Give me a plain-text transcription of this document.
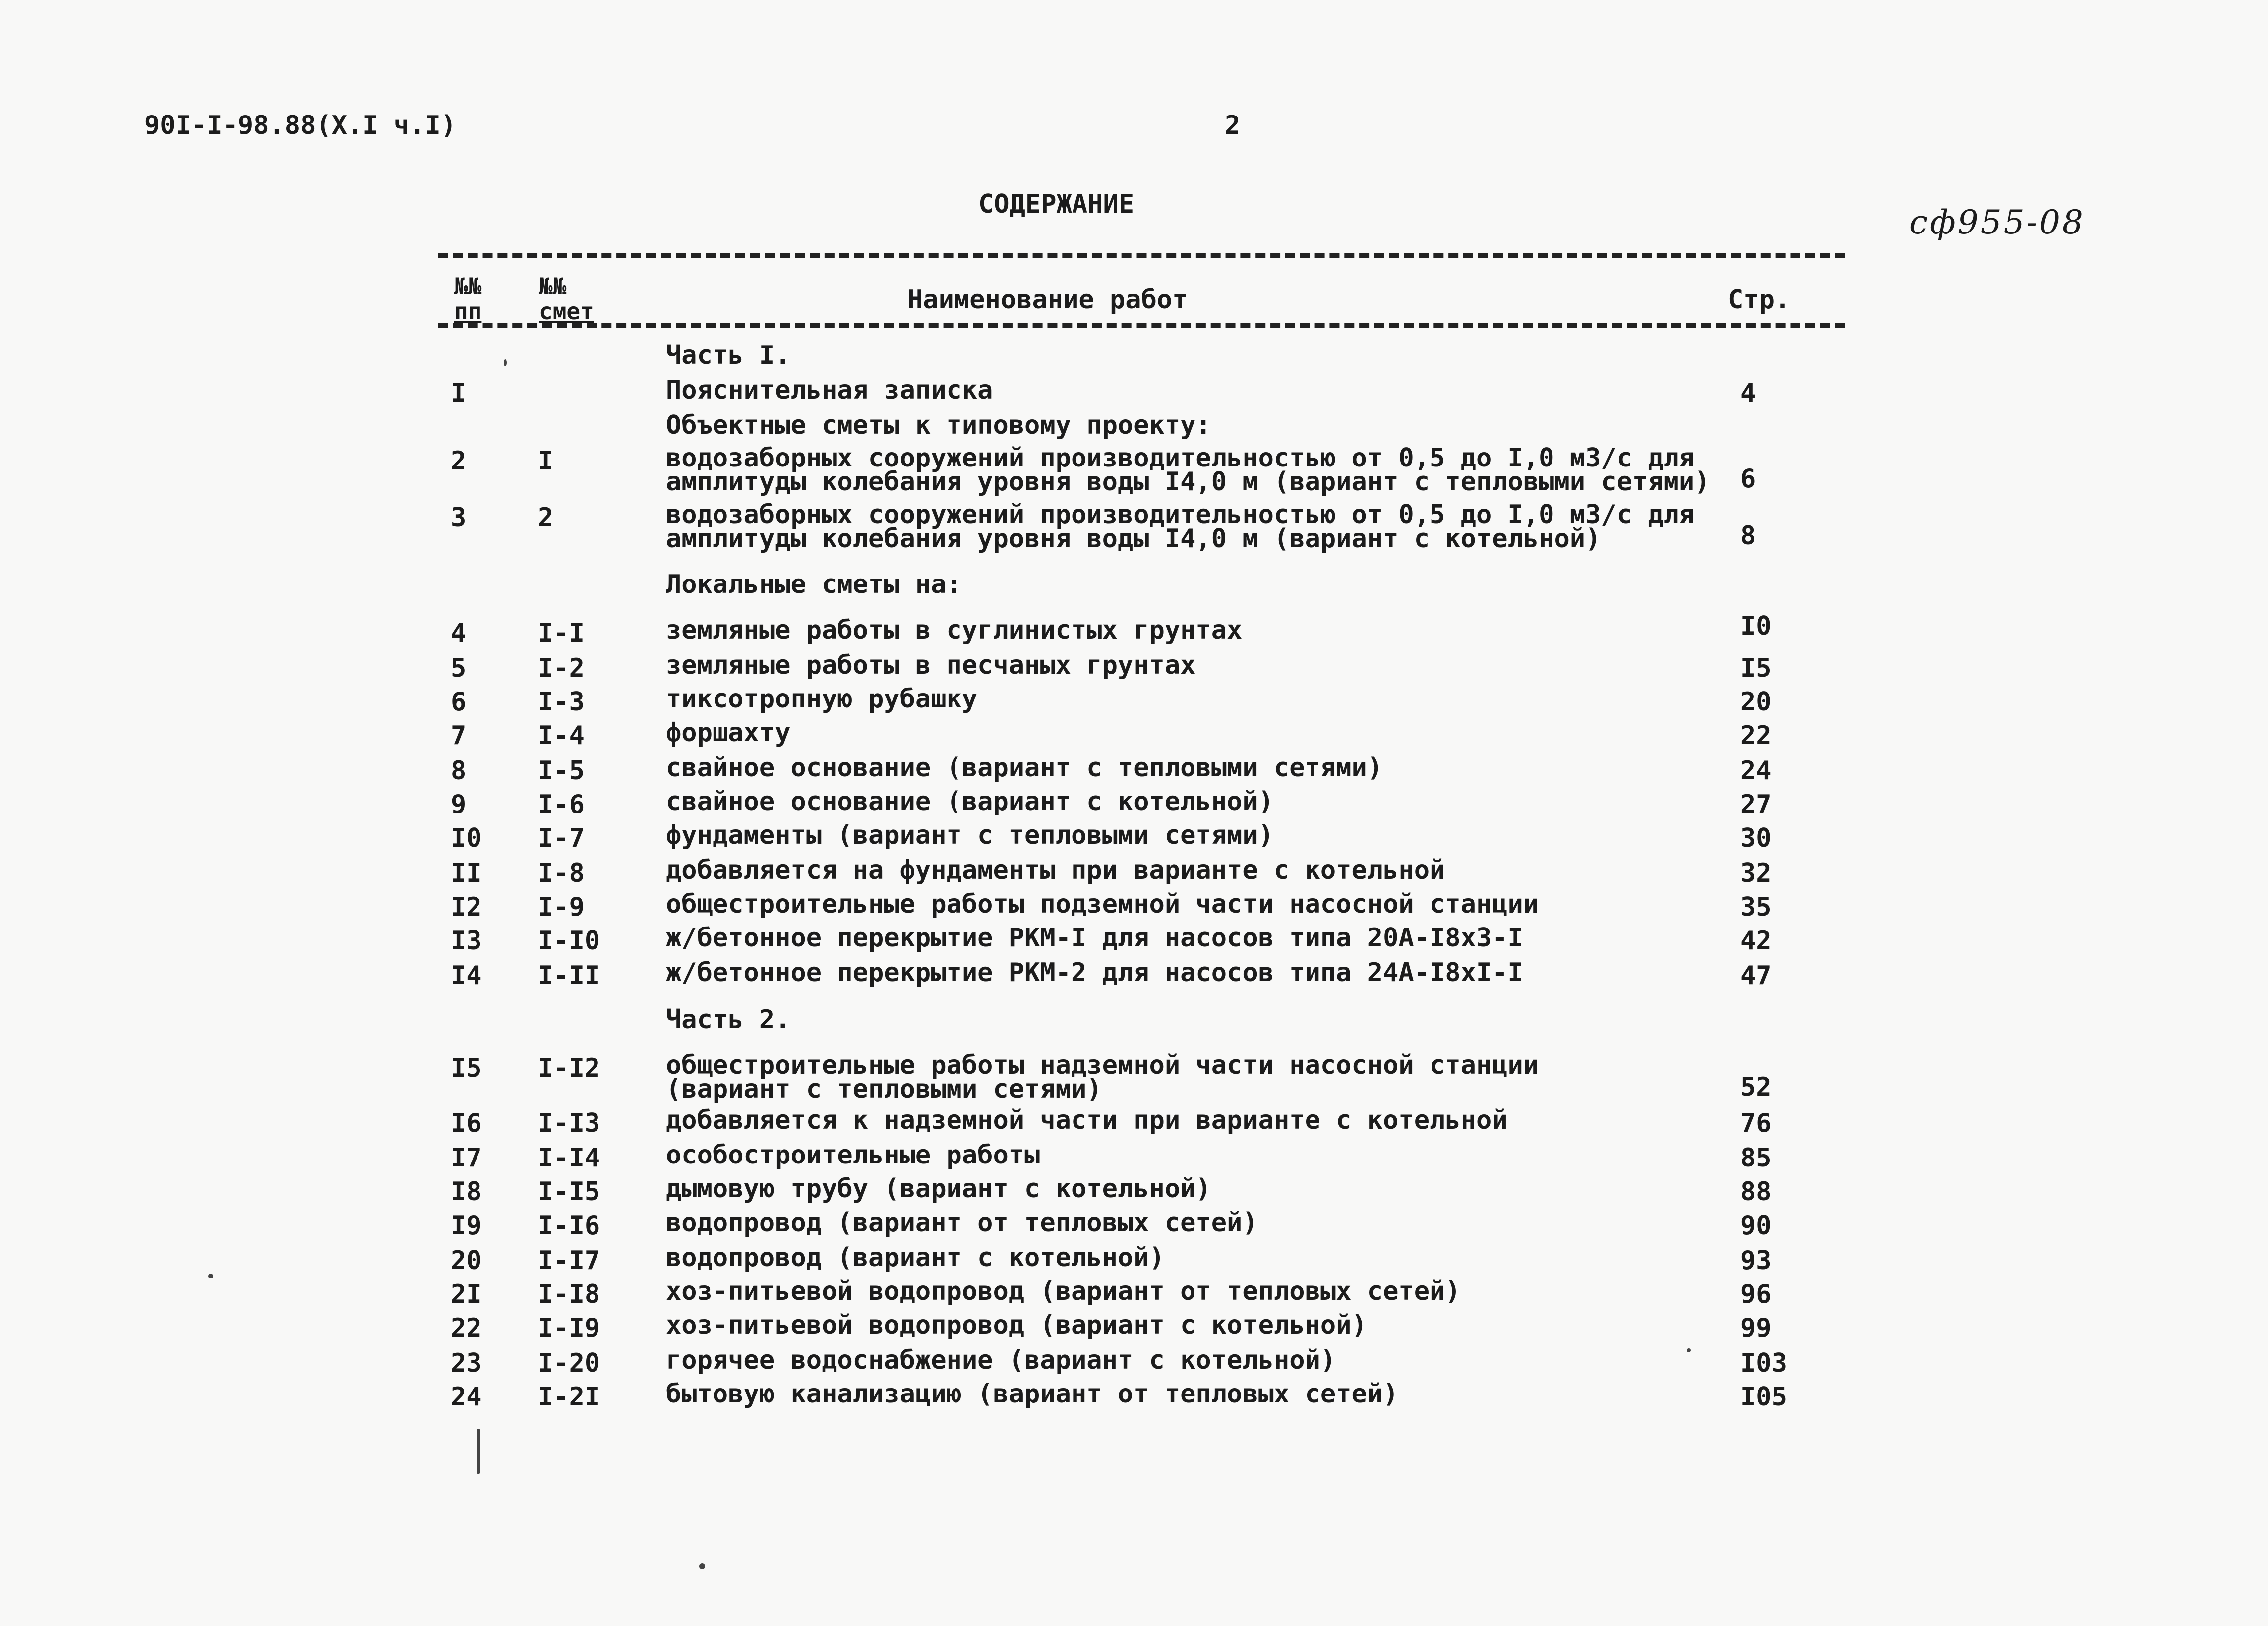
90I-I-98.88(X.I ч.I)	2
СОДЕРЖАНИЕ	сф955-08
№№
пп
№№
смет	Наименование работ	Стр.
Часть I.
I	Пояснительная записка	4
Объектные сметы к типовому проекту:
2	I	водозаборных сооружений производительностью от 0,5 до I,0 м3/с для
амплитуды колебания уровня воды I4,0 м (вариант с тепловыми сетями) 6
3	2	водозаборных сооружений производительностью от 0,5 до I,0 м3/с для
амплитуды колебания уровня воды I4,0 м (вариант с котельной)	8
Локальные сметы на:
4	I-I	земляные работы в суглинистых грунтах	I0
5	I-2	земляные работы в песчаных грунтах	I5
6	I-3	тиксотропную рубашку	20
7	I-4	форшахту	22
8	I-5	свайное основание (вариант с тепловыми сетями)	24
9	I-6	свайное основание (вариант с котельной)	27
I0 I-7	фундаменты (вариант с тепловыми сетями)	30
II I-8	добавляется на фундаменты при варианте с котельной	32
I2 I-9	общестроительные работы подземной части насосной станции	35
I3 I-I0	ж/бетонное перекрытие РКМ-I для насосов типа 20А-I8х3-I	42
I4 I-II	ж/бетонное перекрытие РКМ-2 для насосов типа 24А-I8хI-I	47
Часть 2.
I5 I-I2	общестроительные работы надземной части насосной станции
(вариант с тепловыми сетями)	52
I6 I-I3	добавляется к надземной части при варианте с котельной	76
I7 I-I4	особостроительные работы	85
I8 I-I5	дымовую трубу (вариант с котельной)	88
I9 I-I6	водопровод (вариант от тепловых сетей)	90
20 I-I7	водопровод (вариант с котельной)	93
2I I-I8	хоз-питьевой водопровод (вариант от тепловых сетей)	96
22 I-I9	хоз-питьевой водопровод (вариант с котельной)	99
23 I-20	горячее водоснабжение (вариант с котельной)	I03
24 I-2I	бытовую канализацию (вариант от тепловых сетей)	I05
